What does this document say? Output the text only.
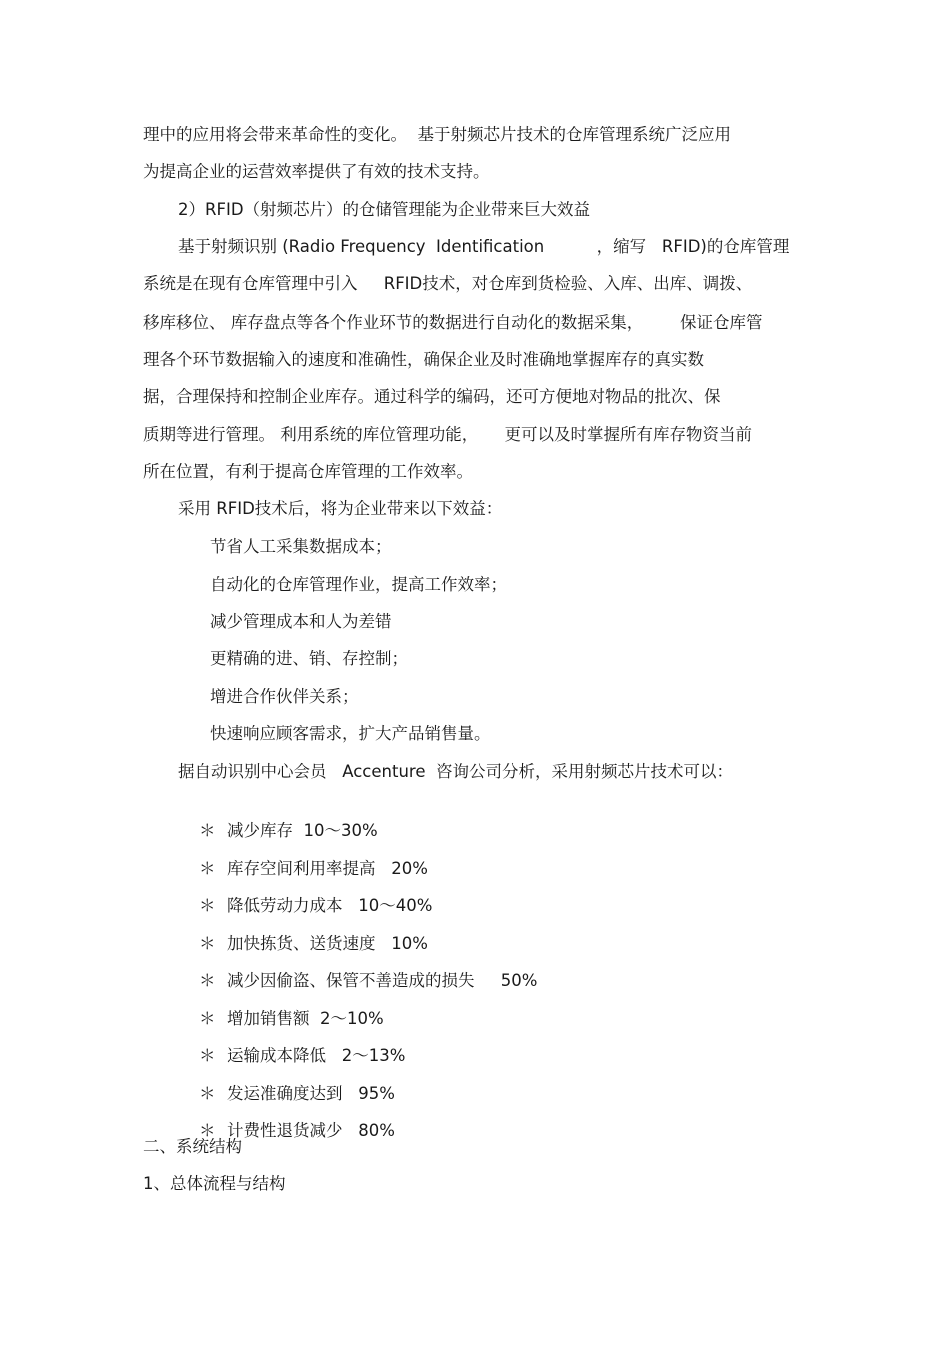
理中的应用将会带来革命性的变化。  基于射频芯片技术的仓库管理系统广泛应用
为提高企业的运营效率提供了有效的技术支持。
2）RFID（射频芯片）的仓储管理能为企业带来巨大效益
基于射频识别 (Radio Frequency  Identification          ，缩写   RFID)的仓库管理
系统是在现有仓库管理中引入     RFID技术，对仓库到货检验、入库、出库、调拨、
移库移位、 库存盘点等各个作业环节的数据进行自动化的数据采集，       保证仓库管
理各个环节数据输入的速度和准确性，确保企业及时准确地掌握库存的真实数
据，合理保持和控制企业库存。通过科学的编码，还可方便地对物品的批次、保
质期等进行管理。 利用系统的库位管理功能，     更可以及时掌握所有库存物资当前
所在位置，有利于提高仓库管理的工作效率。
采用 RFID技术后，将为企业带来以下效益：
节省人工采集数据成本；
自动化的仓库管理作业，提高工作效率；
减少管理成本和人为差错
更精确的进、销、存控制；
增进合作伙伴关系；
快速响应顾客需求，扩大产品销售量。
据自动识别中心会员   Accenture  咨询公司分析，采用射频芯片技术可以：

＊ 减少库存  10～30%

＊ 库存空间利用率提高   20%

＊ 降低劳动力成本   10～40%

＊ 加快拣货、送货速度   10%

＊ 减少因偷盗、保管不善造成的损失     50%

＊ 增加销售额  2～10%

＊ 运输成本降低   2～13%

＊ 发运准确度达到   95%

＊ 计费性退货减少   80%

二、系统结构
1、总体流程与结构
